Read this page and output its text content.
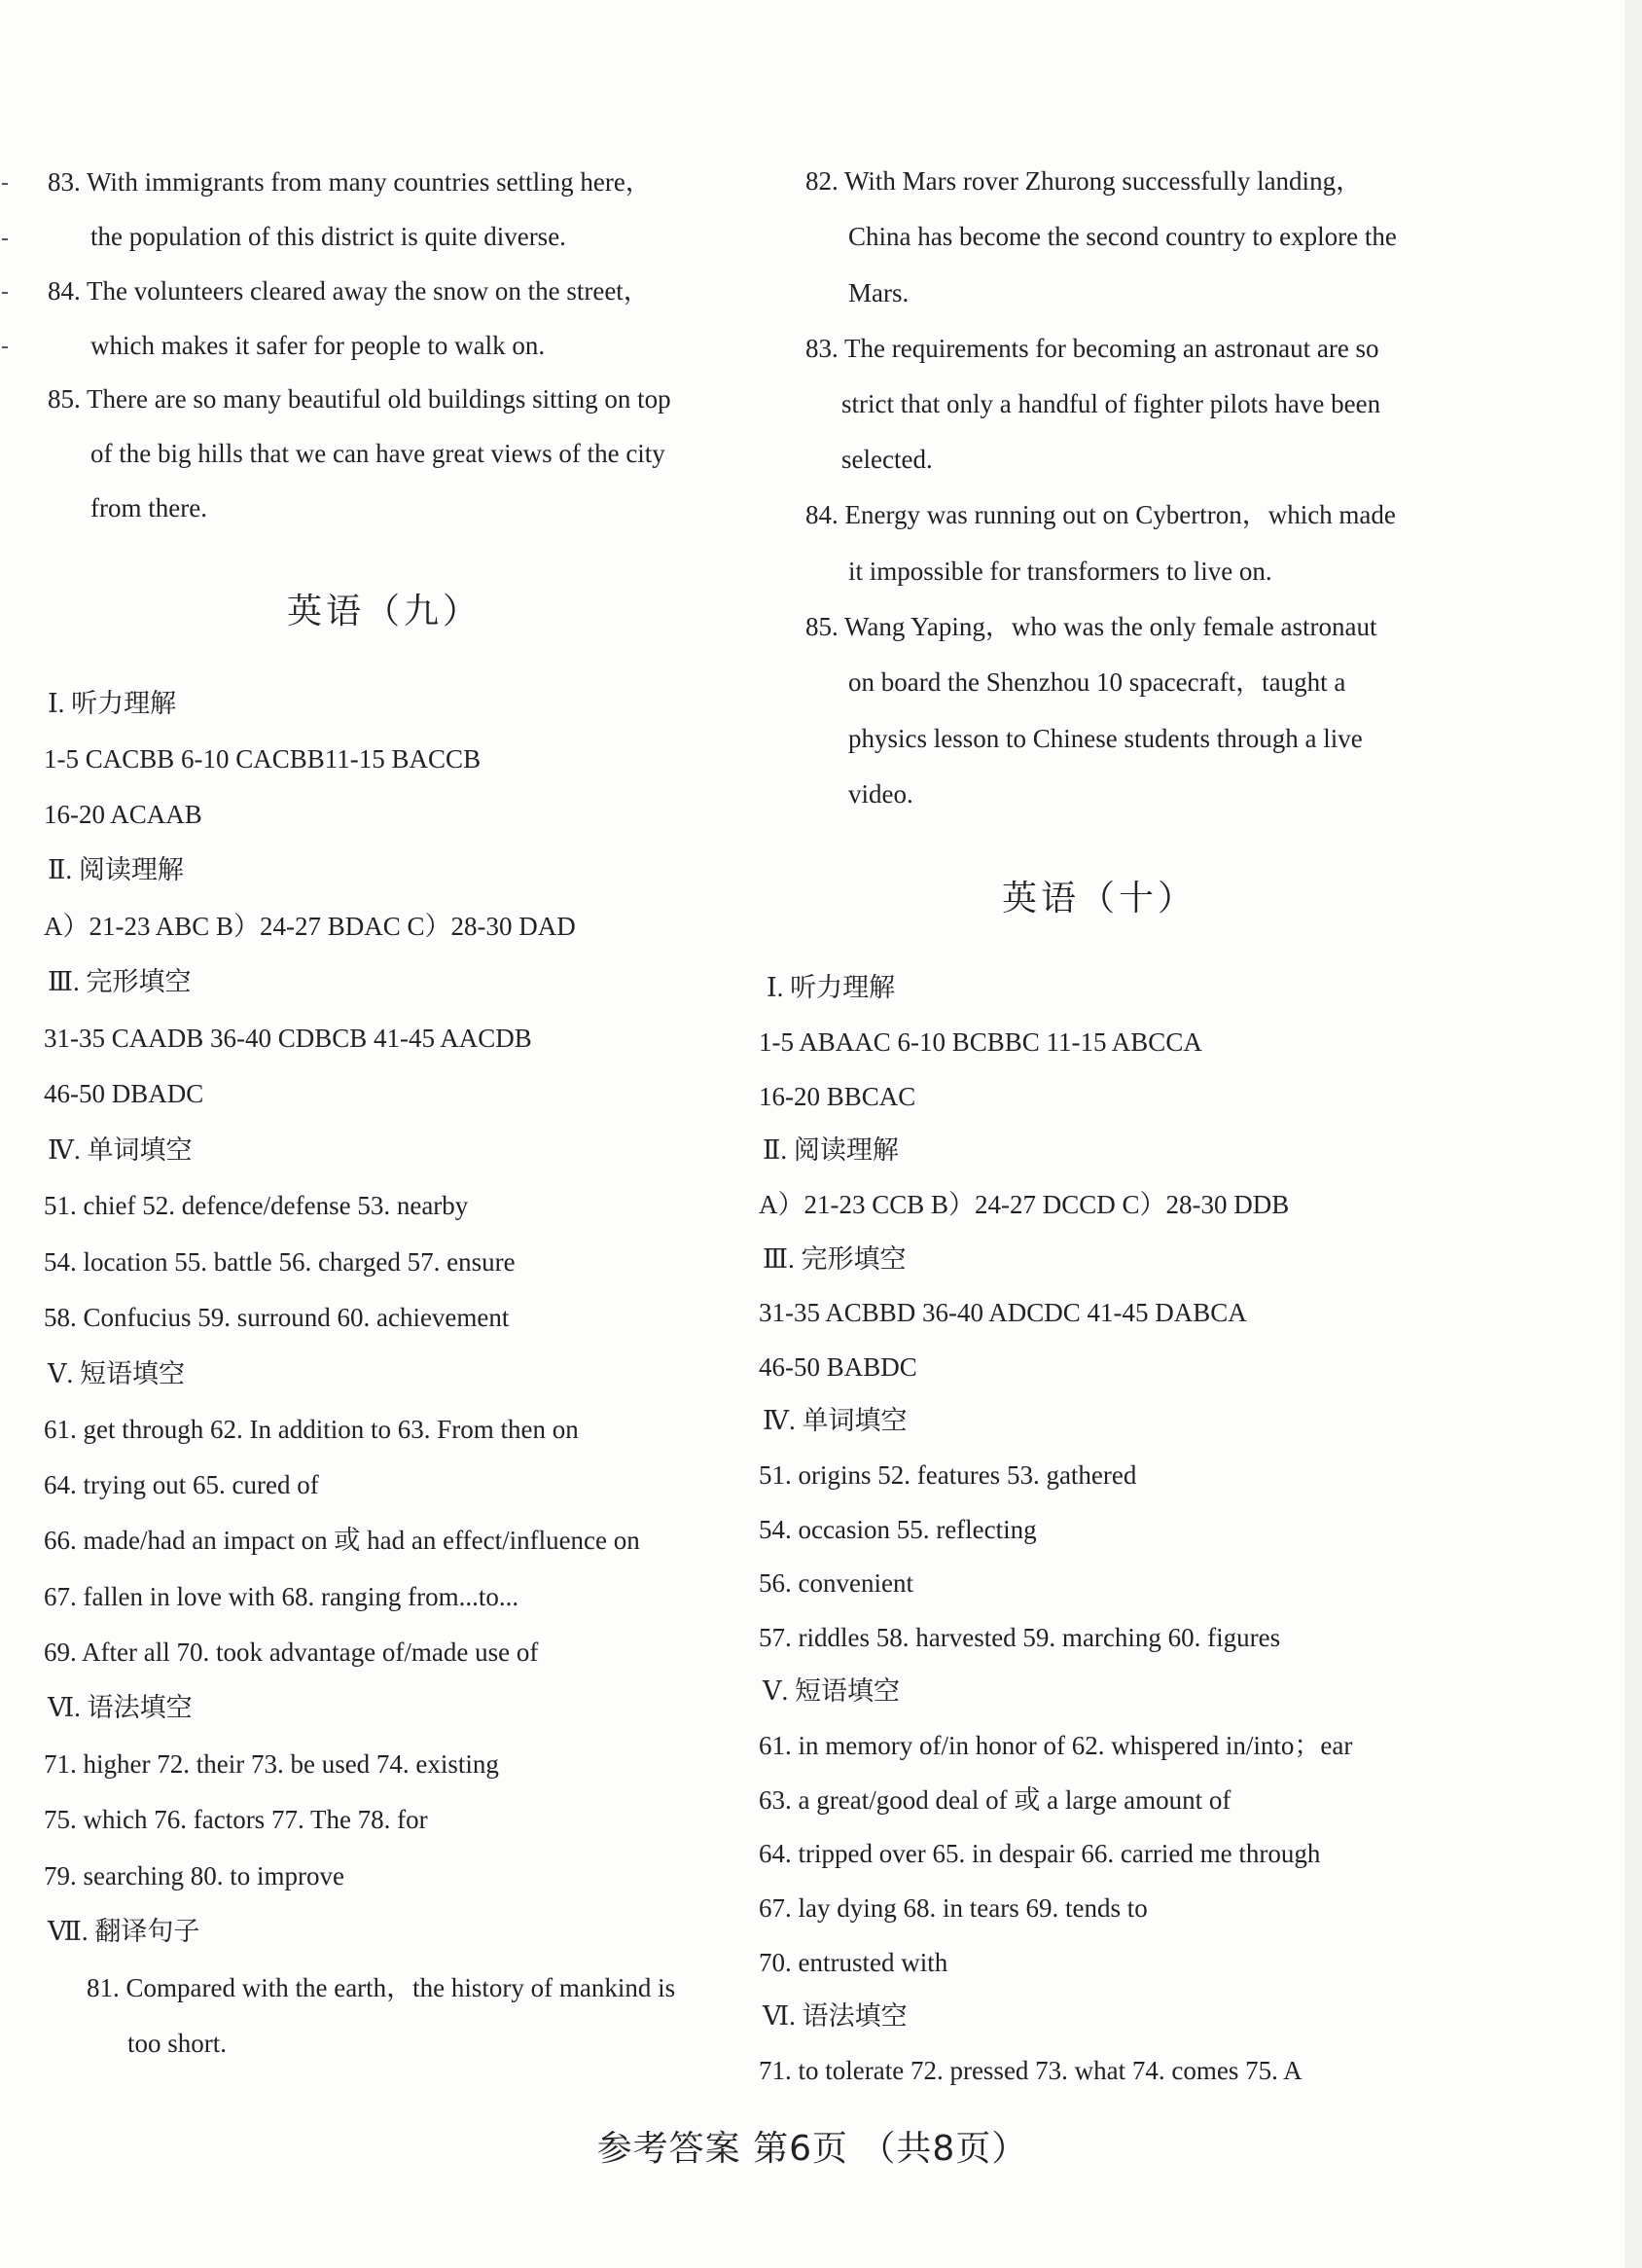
83. With immigrants from many countries settling here，
the population of this district is quite diverse.
84. The volunteers cleared away the snow on the street，
which makes it safer for people to walk on.
85. There are so many beautiful old buildings sitting on top
of the big hills that we can have great views of the city
from there.
英语（九）
Ⅰ. 听力理解
1-5 CACBB 6-10 CACBB11-15 BACCB
16-20 ACAAB
Ⅱ. 阅读理解
A）21-23 ABC B）24-27 BDAC C）28-30 DAD
Ⅲ. 完形填空
31-35 CAADB 36-40 CDBCB 41-45 AACDB
46-50 DBADC
Ⅳ. 单词填空
51. chief 52. defence/defense 53. nearby
54. location 55. battle 56. charged 57. ensure
58. Confucius 59. surround 60. achievement
Ⅴ. 短语填空
61. get through 62. In addition to 63. From then on
64. trying out 65. cured of
66. made/had an impact on 或 had an effect/influence on
67. fallen in love with 68. ranging from...to...
69. After all 70. took advantage of/made use of
Ⅵ. 语法填空
71. higher 72. their 73. be used 74. existing
75. which 76. factors 77. The 78. for
79. searching 80. to improve
Ⅶ. 翻译句子
81. Compared with the earth，the history of mankind is
too short.
82. With Mars rover Zhurong successfully landing，
China has become the second country to explore the
Mars.
83. The requirements for becoming an astronaut are so
strict that only a handful of fighter pilots have been
selected.
84. Energy was running out on Cybertron，which made
it impossible for transformers to live on.
85. Wang Yaping，who was the only female astronaut
on board the Shenzhou 10 spacecraft，taught a
physics lesson to Chinese students through a live
video.
英语（十）
Ⅰ. 听力理解
1-5 ABAAC 6-10 BCBBC 11-15 ABCCA
16-20 BBCAC
Ⅱ. 阅读理解
A）21-23 CCB B）24-27 DCCD C）28-30 DDB
Ⅲ. 完形填空
31-35 ACBBD 36-40 ADCDC 41-45 DABCA
46-50 BABDC
Ⅳ. 单词填空
51. origins 52. features 53. gathered
54. occasion 55. reflecting
56. convenient
57. riddles 58. harvested 59. marching 60. figures
Ⅴ. 短语填空
61. in memory of/in honor of 62. whispered in/into；ear
63. a great/good deal of 或 a large amount of
64. tripped over 65. in despair 66. carried me through
67. lay dying 68. in tears 69. tends to
70. entrusted with
Ⅵ. 语法填空
71. to tolerate 72. pressed 73. what 74. comes 75. A
参考答案 第6页 （共8页）
